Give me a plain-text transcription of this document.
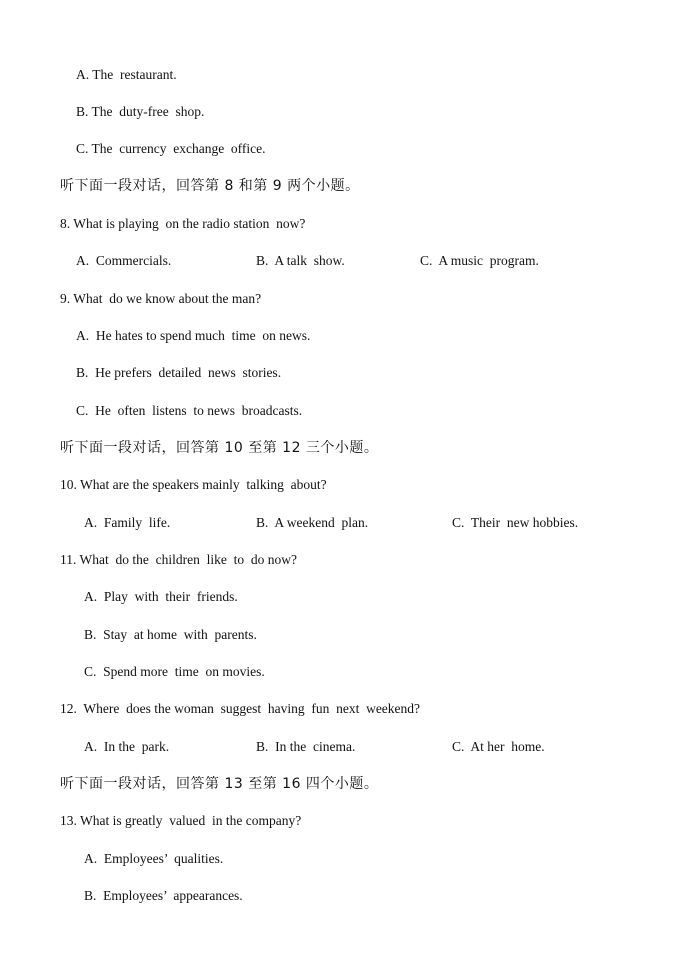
A. The  restaurant.
B. The  duty-free  shop.
C. The  currency  exchange  office.
听下面一段对话，回答第 8 和第 9 两个小题。
8. What is playing  on the radio station  now?
A.  Commercials.	B.  A talk  show.	C.  A music  program.
9. What  do we know about the man?
A.  He hates to spend much  time  on news.
B.  He prefers  detailed  news  stories.
C.  He  often  listens  to news  broadcasts.
听下面一段对话，回答第 10 至第 12 三个小题。
10. What are the speakers mainly  talking  about?
A.  Family  life.	B.  A weekend  plan.	C.  Their  new hobbies.
11. What  do the  children  like  to  do now?
A.  Play  with  their  friends.
B.  Stay  at home  with  parents.
C.  Spend more  time  on movies.
12.  Where  does the woman  suggest  having  fun  next  weekend?
A.  In the  park.	B.  In the  cinema.	C.  At her  home.
听下面一段对话，回答第 13 至第 16 四个小题。
13. What is greatly  valued  in the company?
A.  Employees’  qualities.
B.  Employees’  appearances.
